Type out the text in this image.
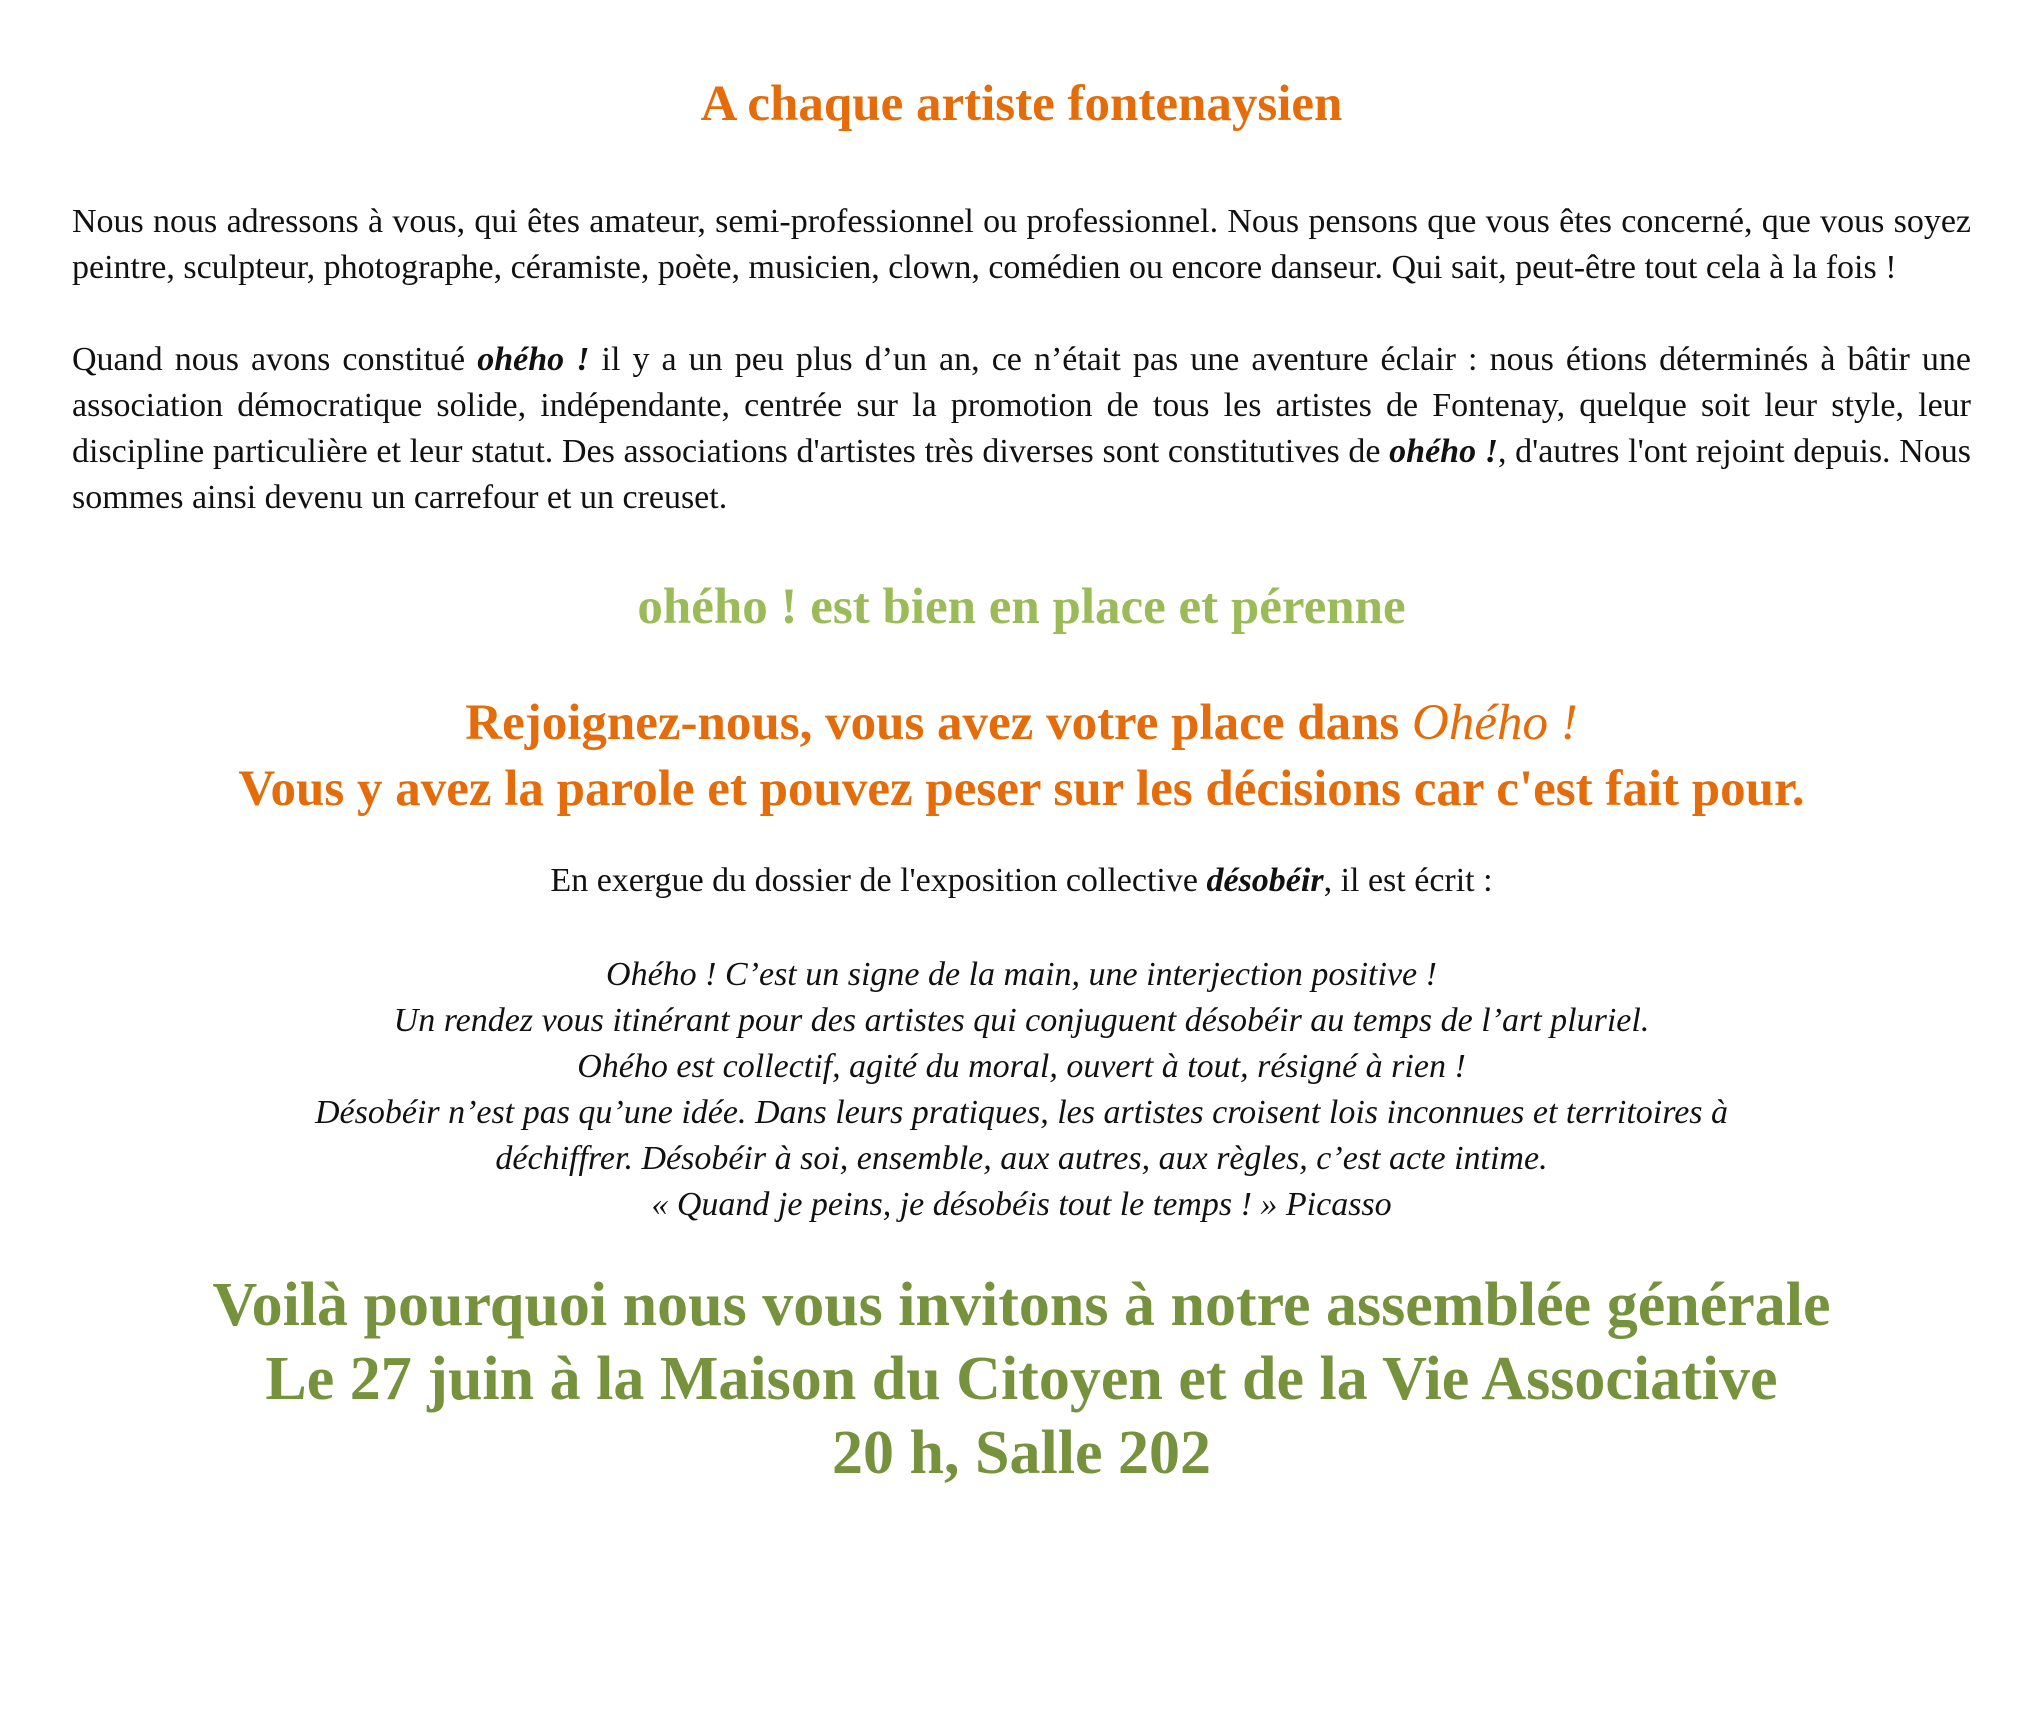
A chaque artiste fontenaysien

Nous nous adressons à vous, qui êtes amateur, semi-professionnel ou professionnel. Nous pensons que vous êtes concerné, que vous soyez peintre, sculpteur, photographe, céramiste, poète, musicien, clown, comédien ou encore danseur. Qui sait, peut-être tout cela à la fois !

Quand nous avons constitué ohého ! il y a un peu plus d’un an, ce n’était pas une aventure éclair : nous étions déterminés à bâtir une association démocratique solide, indépendante, centrée sur la promotion de tous les artistes de Fontenay, quelque soit leur style, leur discipline particulière et leur statut. Des associations d'artistes très diverses sont constitutives de ohého !, d'autres l'ont rejoint depuis. Nous sommes ainsi devenu un carrefour et un creuset.

ohého ! est bien en place et pérenne
Rejoignez-nous, vous avez votre place dans Ohého !
Vous y avez la parole et pouvez peser sur les décisions car c'est fait pour.

En exergue du dossier de l'exposition collective désobéir, il est écrit :

Ohého ! C’est un signe de la main, une interjection positive !
Un rendez vous itinérant pour des artistes qui conjuguent désobéir au temps de l’art pluriel.
Ohého est collectif, agité du moral, ouvert à tout, résigné à rien !
Désobéir n’est pas qu’une idée. Dans leurs pratiques, les artistes croisent lois inconnues et territoires à
déchiffrer. Désobéir à soi, ensemble, aux autres, aux règles, c’est acte intime.
« Quand je peins, je désobéis tout le temps ! » Picasso
Voilà pourquoi nous vous invitons à notre assemblée générale
Le 27 juin à la Maison du Citoyen et de la Vie Associative
20 h, Salle 202
